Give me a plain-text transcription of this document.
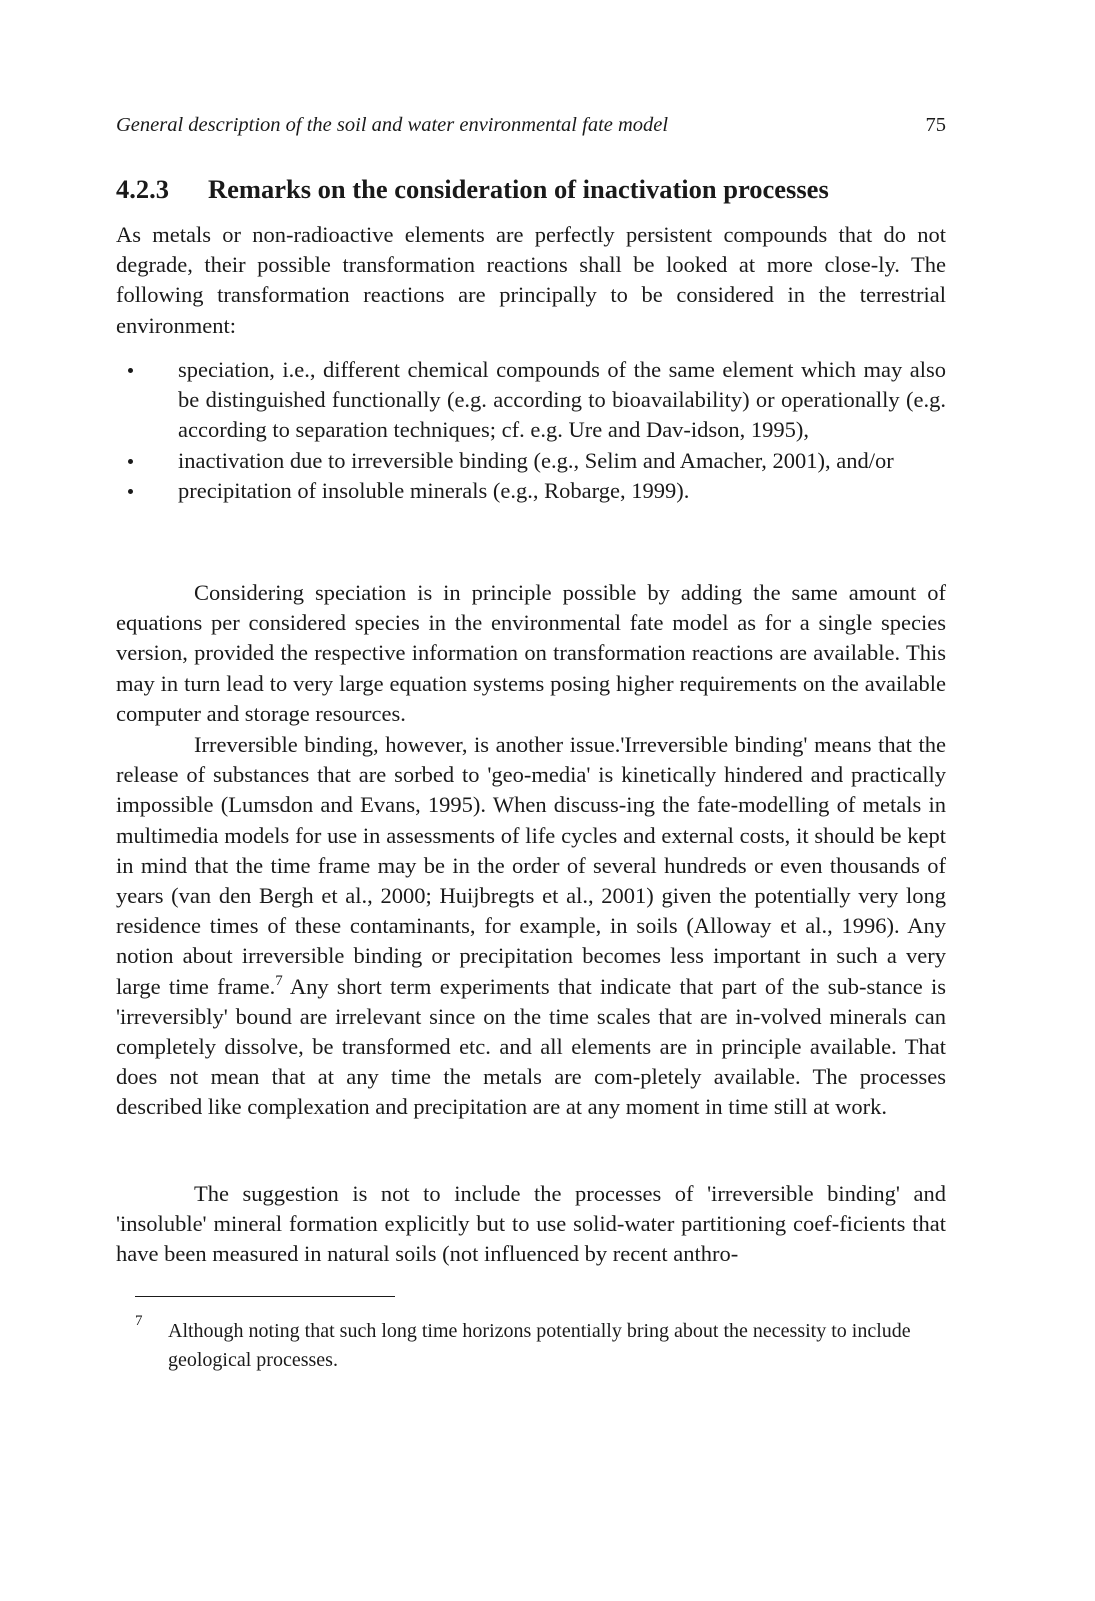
General description of the soil and water environmental fate model	75
4.2.3 Remarks on the consideration of inactivation processes

As metals or non-radioactive elements are perfectly persistent compounds that do not degrade, their possible transformation reactions shall be looked at more close-ly. The following transformation reactions are principally to be considered in the terrestrial environment:

speciation, i.e., different chemical compounds of the same element which may also be distinguished functionally (e.g. according to bioavailability) or operationally (e.g. according to separation techniques; cf. e.g. Ure and Dav-idson, 1995),
inactivation due to irreversible binding (e.g., Selim and Amacher, 2001), and/or
precipitation of insoluble minerals (e.g., Robarge, 1999).

Considering speciation is in principle possible by adding the same amount of equations per considered species in the environmental fate model as for a single species version, provided the respective information on transformation reactions are available. This may in turn lead to very large equation systems posing higher requirements on the available computer and storage resources.

Irreversible binding, however, is another issue.'Irreversible binding' means that the release of substances that are sorbed to 'geo-media' is kinetically hindered and practically impossible (Lumsdon and Evans, 1995). When discuss-ing the fate-modelling of metals in multimedia models for use in assessments of life cycles and external costs, it should be kept in mind that the time frame may be in the order of several hundreds or even thousands of years (van den Bergh et al., 2000; Huijbregts et al., 2001) given the potentially very long residence times of these contaminants, for example, in soils (Alloway et al., 1996). Any notion about irreversible binding or precipitation becomes less important in such a very large time frame.$^7$ Any short term experiments that indicate that part of the sub-stance is 'irreversibly' bound are irrelevant since on the time scales that are in-volved minerals can completely dissolve, be transformed etc. and all elements are in principle available. That does not mean that at any time the metals are com-pletely available. The processes described like complexation and precipitation are at any moment in time still at work.

The suggestion is not to include the processes of 'irreversible binding' and 'insoluble' mineral formation explicitly but to use solid-water partitioning coef-ficients that have been measured in natural soils (not influenced by recent anthro-

7 Although noting that such long time horizons potentially bring about the necessity to include geological processes.
